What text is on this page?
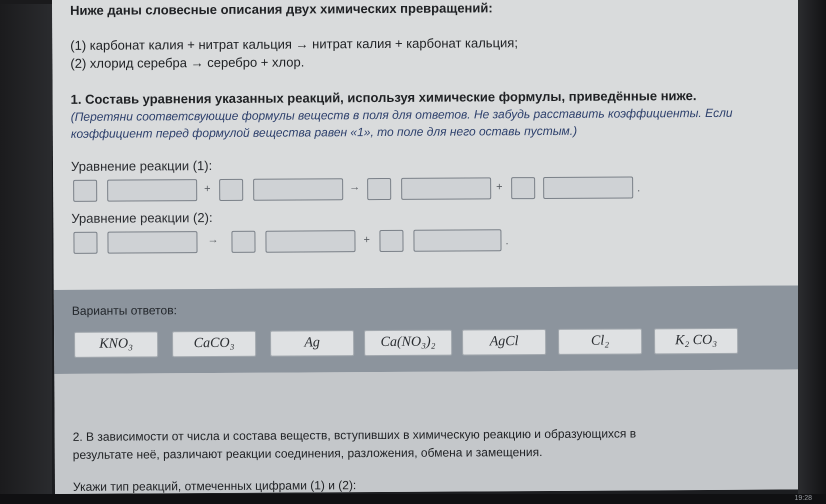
Ниже даны словесные описания двух химических превращений:
(1) карбонат калия + нитрат кальция → нитрат калия + карбонат кальция;
(2) хлорид серебра → серебро + хлор.
1. Составь уравнения указанных реакций, используя химические формулы, приведённые ниже.
(Перетяни соответсвующие формулы веществ в поля для ответов. Не забудь расставить коэффициенты. Если
коэффициент перед формулой вещества равен «1», то поле для него оставь пустым.)
Уравнение реакции (1):
+	→	+	.
Уравнение реакции (2):
→	+	.
Варианты ответов:
KNO₃	CaCO₃	Ag	Ca(NO₃)₂	AgCl	Cl₂	K₂ CO₃
2. В зависимости от числа и состава веществ, вступивших в химическую реакцию и образующихся в
результате неё, различают реакции соединения, разложения, обмена и замещения.
Укажи тип реакций, отмеченных цифрами (1) и (2):
19:28
